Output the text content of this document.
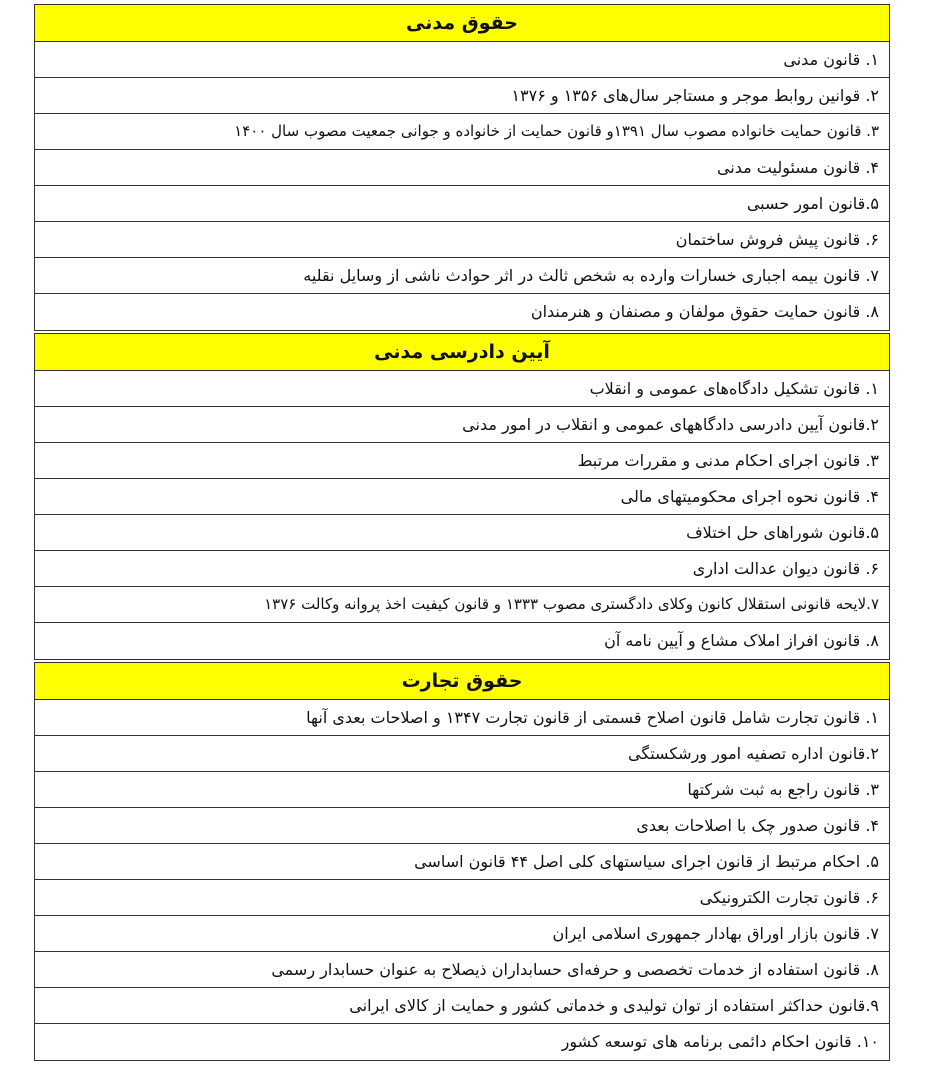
حقوق مدنی
۱. قانون مدنی
۲. قوانین روابط موجر و مستاجر سال‌های ۱۳۵۶ و ۱۳۷۶
۳. قانون حمایت خانواده مصوب سال ۱۳۹۱و قانون حمایت از خانواده و جوانی جمعیت مصوب سال ۱۴۰۰
۴. قانون مسئولیت مدنی
۵.قانون امور حسبی
۶. قانون پیش فروش ساختمان
۷. قانون بیمه اجباری خسارات وارده به شخص ثالث در اثر حوادث ناشی از وسایل نقلیه
۸. قانون حمایت حقوق مولفان و مصنفان و هنرمندان
آیین دادرسی مدنی
۱. قانون تشکیل دادگاه‌های عمومی و انقلاب
۲.قانون آیین دادرسی دادگاههای عمومی و انقلاب در امور مدنی
۳. قانون اجرای احکام مدنی و مقررات مرتبط
۴. قانون نحوه اجرای محکومیتهای مالی
۵.قانون شوراهای حل اختلاف
۶. قانون دیوان عدالت اداری
۷.لایحه قانونی استقلال کانون وکلای دادگستری مصوب ۱۳۳۳ و قانون کیفیت اخذ پروانه وکالت ۱۳۷۶
۸. قانون افراز املاک مشاع و آیین نامه آن
حقوق تجارت
۱. قانون تجارت شامل قانون اصلاح قسمتی از قانون تجارت ۱۳۴۷ و اصلاحات بعدی آنها
۲.قانون اداره تصفیه امور ورشکستگی
۳. قانون راجع به ثبت شرکتها
۴. قانون صدور چک با اصلاحات بعدی
۵. احکام مرتبط از قانون اجرای سیاستهای کلی اصل ۴۴ قانون اساسی
۶. قانون تجارت الکترونیکی
۷. قانون بازار اوراق بهادار جمهوری اسلامی ایران
۸. قانون استفاده از خدمات تخصصی و حرفه‌ای حسابداران ذیصلاح به عنوان حسابدار رسمی
۹.قانون حداکثر استفاده از توان تولیدی و خدماتی کشور و حمایت از کالای ایرانی
۱۰. قانون احکام دائمی برنامه های توسعه کشور
